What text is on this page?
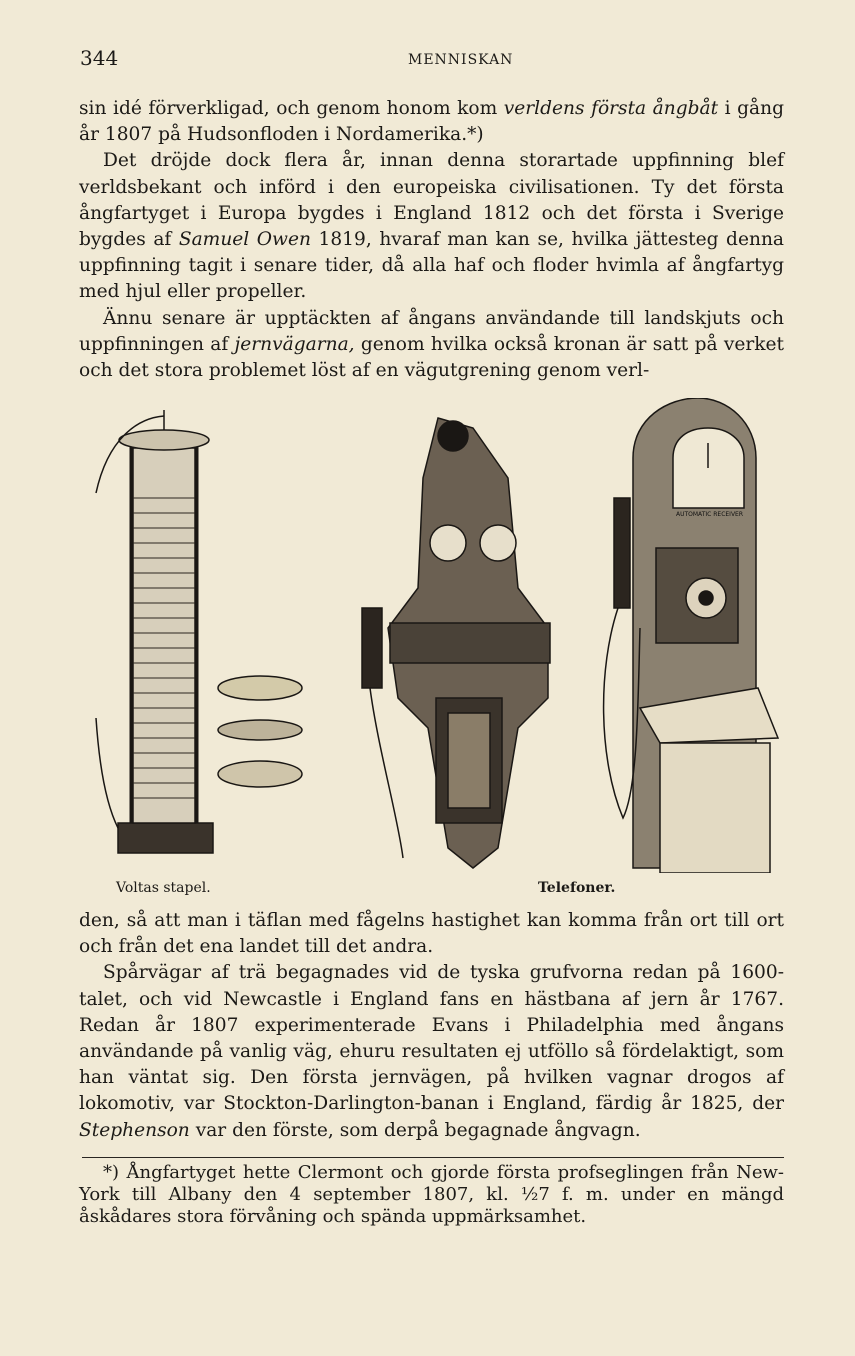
344	MENNISKAN

sin idé förverkligad, och genom honom kom verldens första ångbåt i gång år 1807 på Hudsonfloden i Nordamerika.*)

Det dröjde dock flera år, innan denna storartade uppfinning blef verldsbekant och införd i den europeiska civilisationen. Ty det första ångfartyget i Europa bygdes i England 1812 och det första i Sverige bygdes af Samuel Owen 1819, hvaraf man kan se, hvilka jättesteg denna uppfinning tagit i senare tider, då alla haf och floder hvimla af ångfartyg med hjul eller propeller.

Ännu senare är upptäckten af ångans användande till landskjuts och uppfinningen af jernvägarna, genom hvilka också kronan är satt på verket och det stora problemet löst af en vägutgrening genom verl-

AUTOMATIC RECEIVER
Voltas stapel.	Telefoner.

den, så att man i täflan med fågelns hastighet kan komma från ort till ort och från det ena landet till det andra.

Spårvägar af trä begagnades vid de tyska grufvorna redan på 1600-talet, och vid Newcastle i England fans en hästbana af jern år 1767. Redan år 1807 experimenterade Evans i Philadelphia med ångans användande på vanlig väg, ehuru resultaten ej utföllo så fördelaktigt, som han väntat sig. Den första jernvägen, på hvilken vagnar drogos af lokomotiv, var Stockton-Darlington-banan i England, färdig år 1825, der Stephenson var den förste, som derpå begagnade ångvagn.

*) Ångfartyget hette Clermont och gjorde första profseglingen från New-York till Albany den 4 september 1807, kl. ½7 f. m. under en mängd åskådares stora förvåning och spända uppmärksamhet.
